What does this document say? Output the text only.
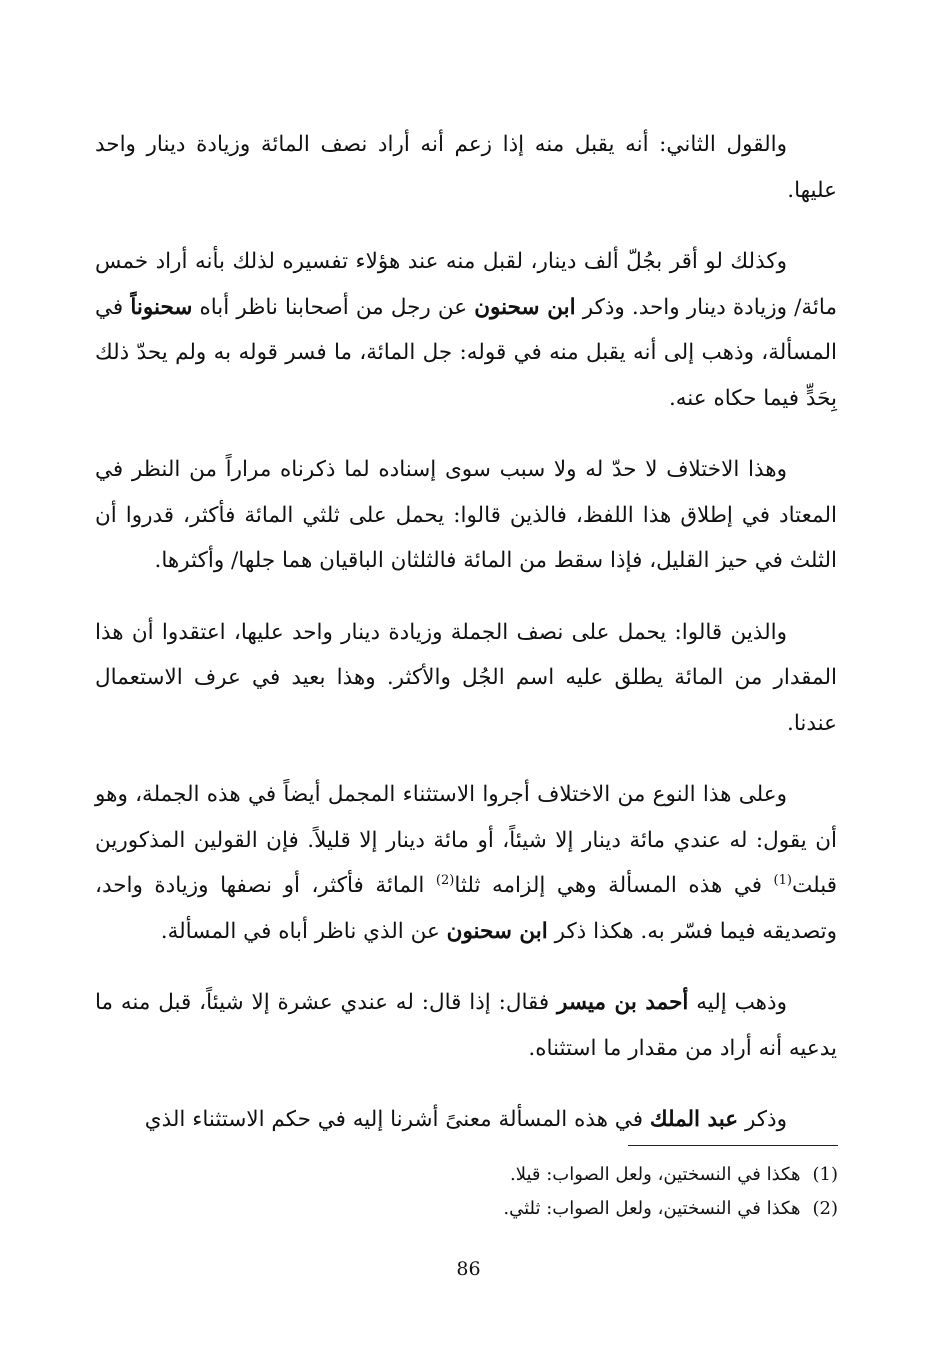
والقول الثاني: أنه يقبل منه إذا زعم أنه أراد نصف المائة وزيادة دينار واحد عليها.

وكذلك لو أقر بجُلّ ألف دينار، لقبل منه عند هؤلاء تفسيره لذلك بأنه أراد خمس مائة/ وزيادة دينار واحد. وذكر ابن سحنون عن رجل من أصحابنا ناظر أباه سحنوناً في المسألة، وذهب إلى أنه يقبل منه في قوله: جل المائة، ما فسر قوله به ولم يحدّ ذلك بِحَدٍّ فيما حكاه عنه.

وهذا الاختلاف لا حدّ له ولا سبب سوى إسناده لما ذكرناه مراراً من النظر في المعتاد في إطلاق هذا اللفظ، فالذين قالوا: يحمل على ثلثي المائة فأكثر، قدروا أن الثلث في حيز القليل، فإذا سقط من المائة فالثلثان الباقيان هما جلها/ وأكثرها.

والذين قالوا: يحمل على نصف الجملة وزيادة دينار واحد عليها، اعتقدوا أن هذا المقدار من المائة يطلق عليه اسم الجُل والأكثر. وهذا بعيد في عرف الاستعمال عندنا.

وعلى هذا النوع من الاختلاف أجروا الاستثناء المجمل أيضاً في هذه الجملة، وهو أن يقول: له عندي مائة دينار إلا شيئاً، أو مائة دينار إلا قليلاً. فإن القولين المذكورين قبلت$^{(1)}$ في هذه المسألة وهي إلزامه ثلثا$^{(2)}$ المائة فأكثر، أو نصفها وزيادة واحد، وتصديقه فيما فسّر به. هكذا ذكر ابن سحنون عن الذي ناظر أباه في المسألة.

وذهب إليه أحمد بن ميسر فقال: إذا قال: له عندي عشرة إلا شيئاً، قبل منه ما يدعيه أنه أراد من مقدار ما استثناه.

وذكر عبد الملك في هذه المسألة معنىً أشرنا إليه في حكم الاستثناء الذي

(1)هكذا في النسختين، ولعل الصواب: قيلا.

(2)هكذا في النسختين، ولعل الصواب: ثلثي.

86
